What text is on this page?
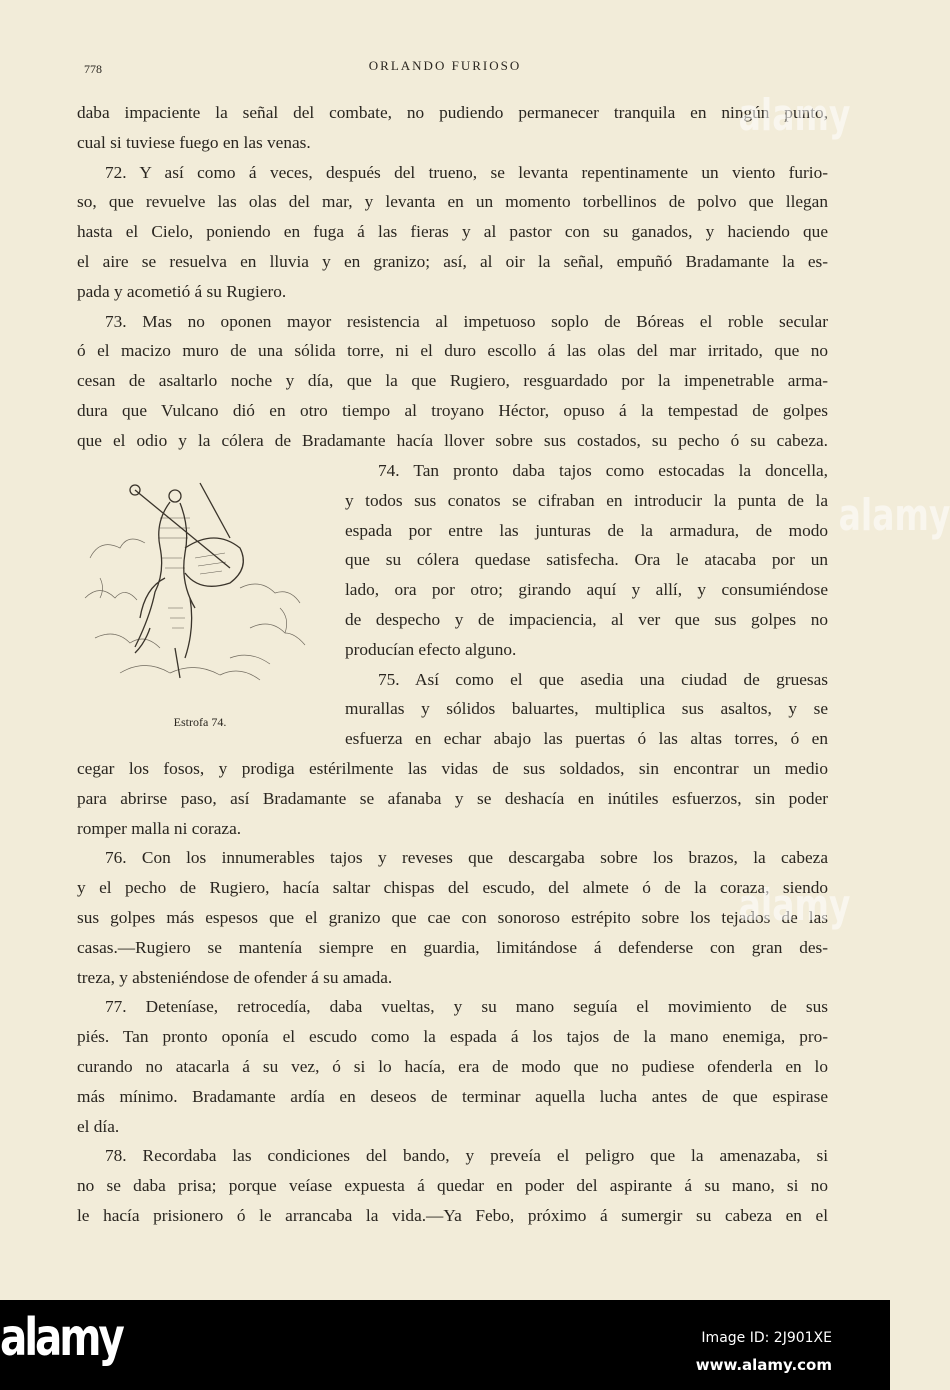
778	ORLANDO FURIOSO
daba impaciente la señal del combate, no pudiendo permanecer tranquila en ningún punto,
cual si tuviese fuego en las venas.
72. Y así como á veces, después del trueno, se levanta repentinamente un viento furio-
so, que revuelve las olas del mar, y levanta en un momento torbellinos de polvo que llegan
hasta el Cielo, poniendo en fuga á las fieras y al pastor con su ganados, y haciendo que
el aire se resuelva en lluvia y en granizo; así, al oir la señal, empuñó Bradamante la es-
pada y acometió á su Rugiero.
73. Mas no oponen mayor resistencia al impetuoso soplo de Bóreas el roble secular
ó el macizo muro de una sólida torre, ni el duro escollo á las olas del mar irritado, que no
cesan de asaltarlo noche y día, que la que Rugiero, resguardado por la impenetrable arma-
dura que Vulcano dió en otro tiempo al troyano Héctor, opuso á la tempestad de golpes
que el odio y la cólera de Bradamante hacía llover sobre sus costados, su pecho ó su cabeza.
Estrofa 74.
74. Tan pronto daba tajos como estocadas la doncella,
y todos sus conatos se cifraban en introducir la punta de la
espada por entre las junturas de la armadura, de modo
que su cólera quedase satisfecha. Ora le atacaba por un
lado, ora por otro; girando aquí y allí, y consumiéndose
de despecho y de impaciencia, al ver que sus golpes no
producían efecto alguno.
75. Así como el que asedia una ciudad de gruesas
murallas y sólidos baluartes, multiplica sus asaltos, y se
esfuerza en echar abajo las puertas ó las altas torres, ó en
cegar los fosos, y prodiga estérilmente las vidas de sus soldados, sin encontrar un medio
para abrirse paso, así Bradamante se afanaba y se deshacía en inútiles esfuerzos, sin poder
romper malla ni coraza.
76. Con los innumerables tajos y reveses que descargaba sobre los brazos, la cabeza
y el pecho de Rugiero, hacía saltar chispas del escudo, del almete ó de la coraza, siendo
sus golpes más espesos que el granizo que cae con sonoroso estrépito sobre los tejados de las
casas.—Rugiero se mantenía siempre en guardia, limitándose á defenderse con gran des-
treza, y absteniéndose de ofender á su amada.
77. Deteníase, retrocedía, daba vueltas, y su mano seguía el movimiento de sus
piés. Tan pronto oponía el escudo como la espada á los tajos de la mano enemiga, pro-
curando no atacarla á su vez, ó si lo hacía, era de modo que no pudiese ofenderla en lo
más mínimo. Bradamante ardía en deseos de terminar aquella lucha antes de que espirase
el día.
78. Recordaba las condiciones del bando, y preveía el peligro que la amenazaba, si
no se daba prisa; porque veíase expuesta á quedar en poder del aspirante á su mano, si no
le hacía prisionero ó le arrancaba la vida.—Ya Febo, próximo á sumergir su cabeza en el
alamy
alamy
alamy
alamy	Image ID: 2J901XE
www.alamy.com
